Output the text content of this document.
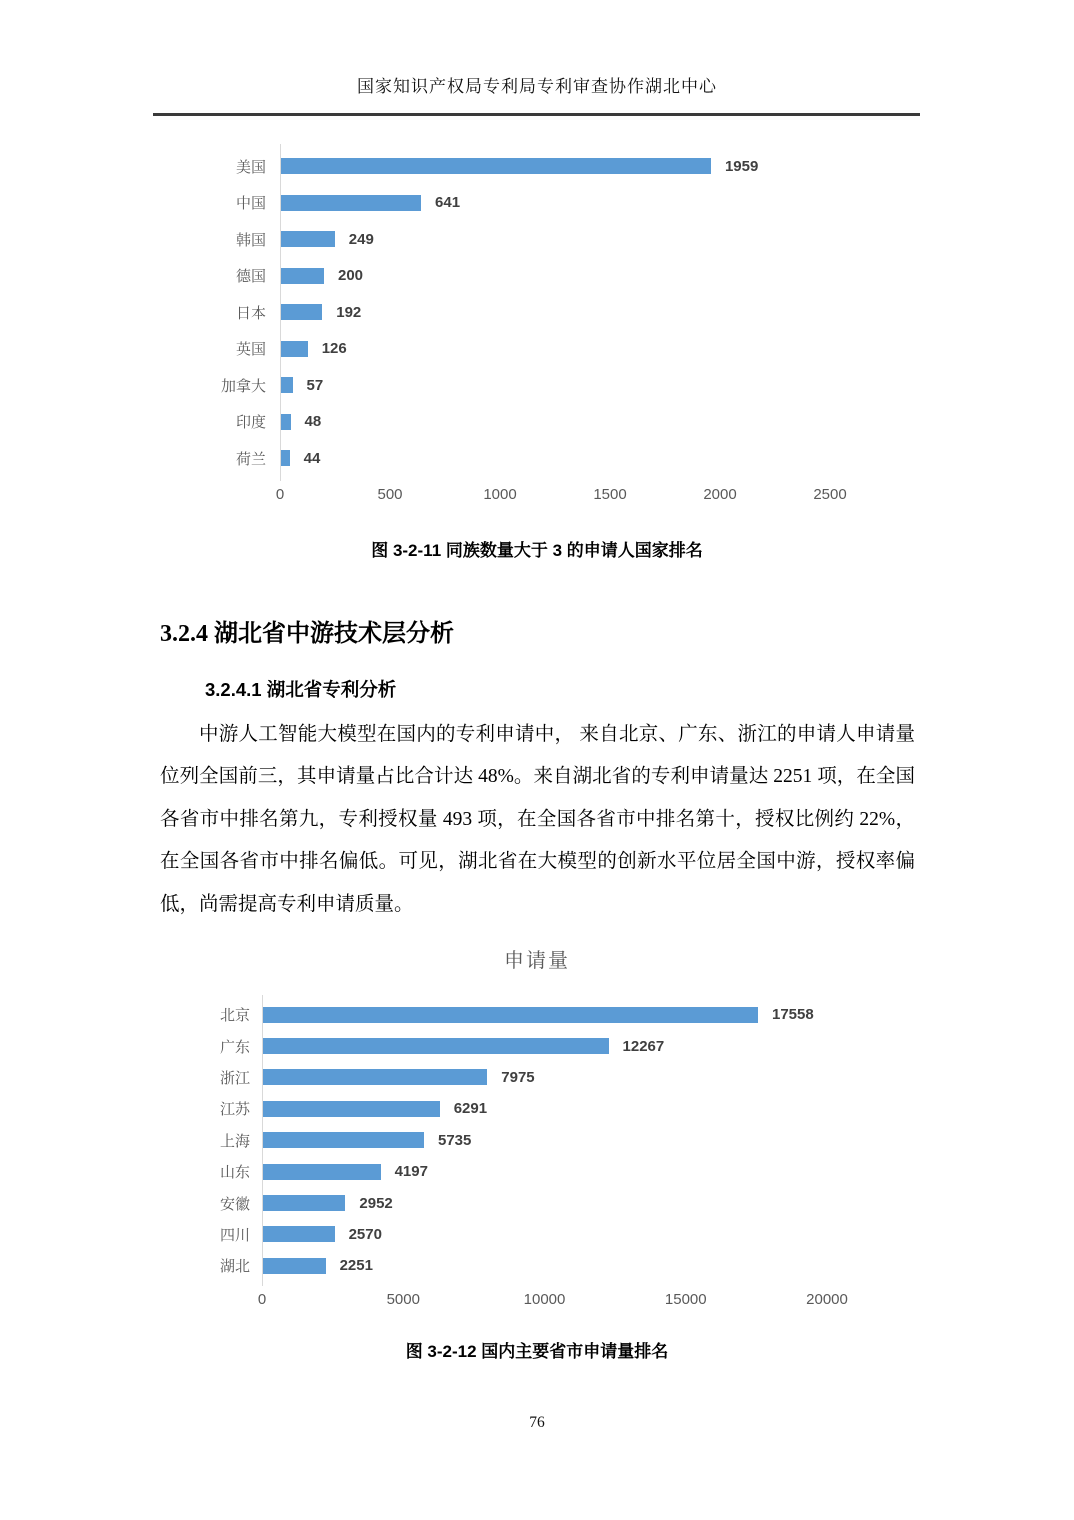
国家知识产权局专利局专利审查协作湖北中心
美国	1959
中国	641
韩国	249
德国	200
日本	192
英国	126
加拿大	57
印度	48
荷兰	44
0	500	1000	1500	2000	2500
图 3-2-11 同族数量大于 3 的申请人国家排名
3.2.4 湖北省中游技术层分析
3.2.4.1 湖北省专利分析
中游人工智能大模型在国内的专利申请中， 来自北京、广东、浙江的申请人申请量位列全国前三，其申请量占比合计达 48%。来自湖北省的专利申请量达 2251 项，在全国各省市中排名第九，专利授权量 493 项，在全国各省市中排名第十，授权比例约 22%，在全国各省市中排名偏低。可见，湖北省在大模型的创新水平位居全国中游，授权率偏低，尚需提高专利申请质量。
申请量
北京	17558
广东	12267
浙江	7975
江苏	6291
上海	5735
山东	4197
安徽	2952
四川	2570
湖北	2251
0	5000	10000	15000	20000
图 3-2-12 国内主要省市申请量排名
76
